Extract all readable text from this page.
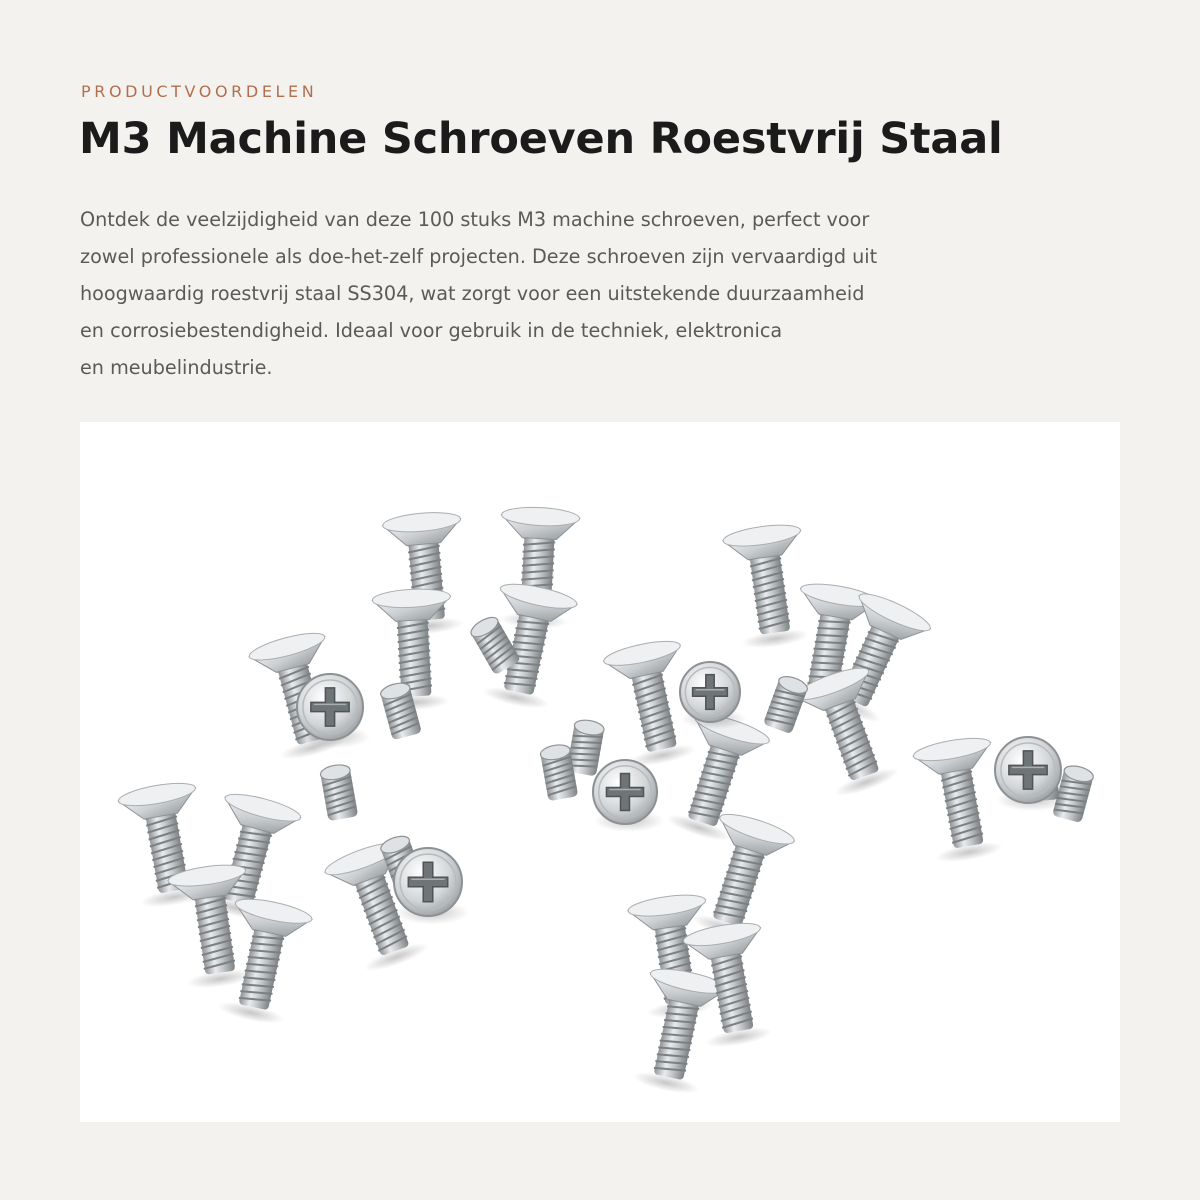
PRODUCTVOORDELEN
M3 Machine Schroeven Roestvrij Staal

Ontdek de veelzijdigheid van deze 100 stuks M3 machine schroeven, perfect voor
zowel professionele als doe-het-zelf projecten. Deze schroeven zijn vervaardigd uit
hoogwaardig roestvrij staal SS304, wat zorgt voor een uitstekende duurzaamheid
en corrosiebestendigheid. Ideaal voor gebruik in de techniek, elektronica
en meubelindustrie.
